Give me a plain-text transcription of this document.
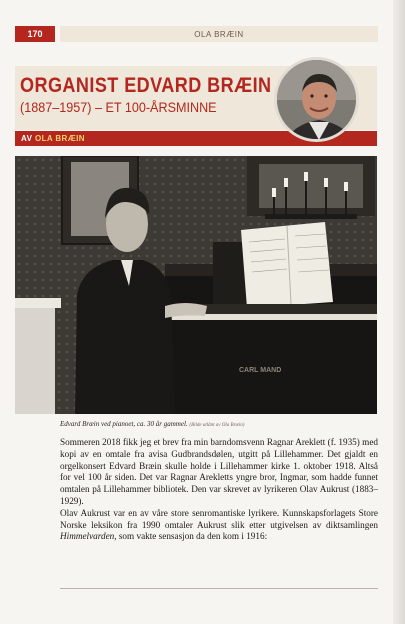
170	OLA BRÆIN
ORGANIST EDVARD BRÆIN
(1887–1957) – ET 100-ÅRSMINNE
AV
OLA BRÆIN
CARL MAND
Edvard Bræin ved pianoet, ca. 30 år gammel. (Bilde utlånt av Ola Bræin)

Sommeren 2018 fikk jeg et brev fra min barndomsvenn Ragnar Areklett (f. 1935) med kopi av en omtale fra avisa Gudbrandsdølen, utgitt på Lillehammer. Det gjaldt en orgelkonsert Edvard Bræin skulle holde i Lillehammer kirke 1. oktober 1918. Altså for vel 100 år siden. Det var Ragnar Arekletts yngre bror, Ingmar, som hadde funnet omtalen på Lillehammer bibliotek. Den var skrevet av lyrikeren Olav Aukrust (1883–1929).

Olav Aukrust var en av våre store senromantiske lyrikere. Kunnskapsforlagets Store Norske leksikon fra 1990 omtaler Aukrust slik etter utgivelsen av diktsamlingen Himmelvarden, som vakte sensasjon da den kom i 1916:
